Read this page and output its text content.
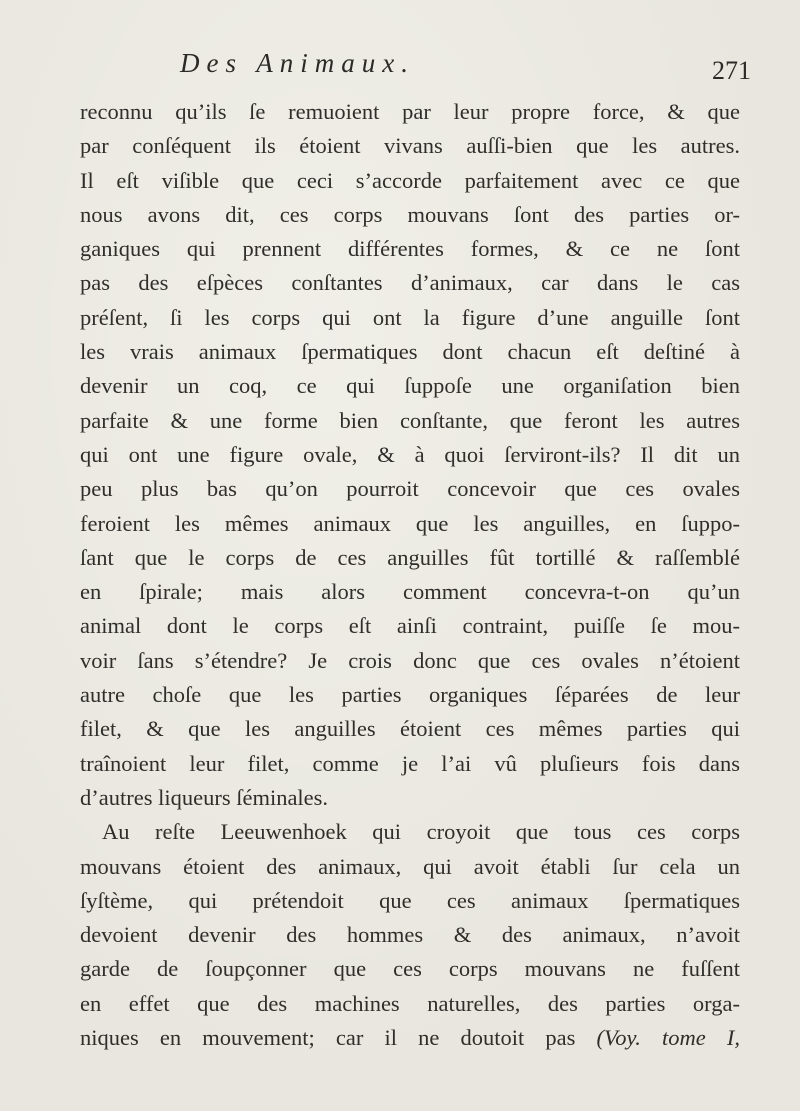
Des Animaux.	271
reconnu qu’ils ſe remuoient par leur propre force, & que
par conſéquent ils étoient vivans auſſi-bien que les autres.
Il eſt viſible que ceci s’accorde parfaitement avec ce que
nous avons dit, ces corps mouvans ſont des parties or-
ganiques qui prennent différentes formes, & ce ne ſont
pas des eſpèces conſtantes d’animaux, car dans le cas
préſent, ſi les corps qui ont la figure d’une anguille ſont
les vrais animaux ſpermatiques dont chacun eſt deſtiné à
devenir un coq, ce qui ſuppoſe une organiſation bien
parfaite & une forme bien conſtante, que feront les autres
qui ont une figure ovale, & à quoi ſerviront-ils? Il dit un
peu plus bas qu’on pourroit concevoir que ces ovales
feroient les mêmes animaux que les anguilles, en ſuppo-
ſant que le corps de ces anguilles fût tortillé & raſſemblé
en ſpirale; mais alors comment concevra-t-on qu’un
animal dont le corps eſt ainſi contraint, puiſſe ſe mou-
voir ſans s’étendre? Je crois donc que ces ovales n’étoient
autre choſe que les parties organiques ſéparées de leur
filet, & que les anguilles étoient ces mêmes parties qui
traînoient leur filet, comme je l’ai vû pluſieurs fois dans
d’autres liqueurs ſéminales.
Au reſte Leeuwenhoek qui croyoit que tous ces corps
mouvans étoient des animaux, qui avoit établi ſur cela un
ſyſtème, qui prétendoit que ces animaux ſpermatiques
devoient devenir des hommes & des animaux, n’avoit
garde de ſoupçonner que ces corps mouvans ne fuſſent
en effet que des machines naturelles, des parties orga-
niques en mouvement; car il ne doutoit pas (Voy. tome I,
